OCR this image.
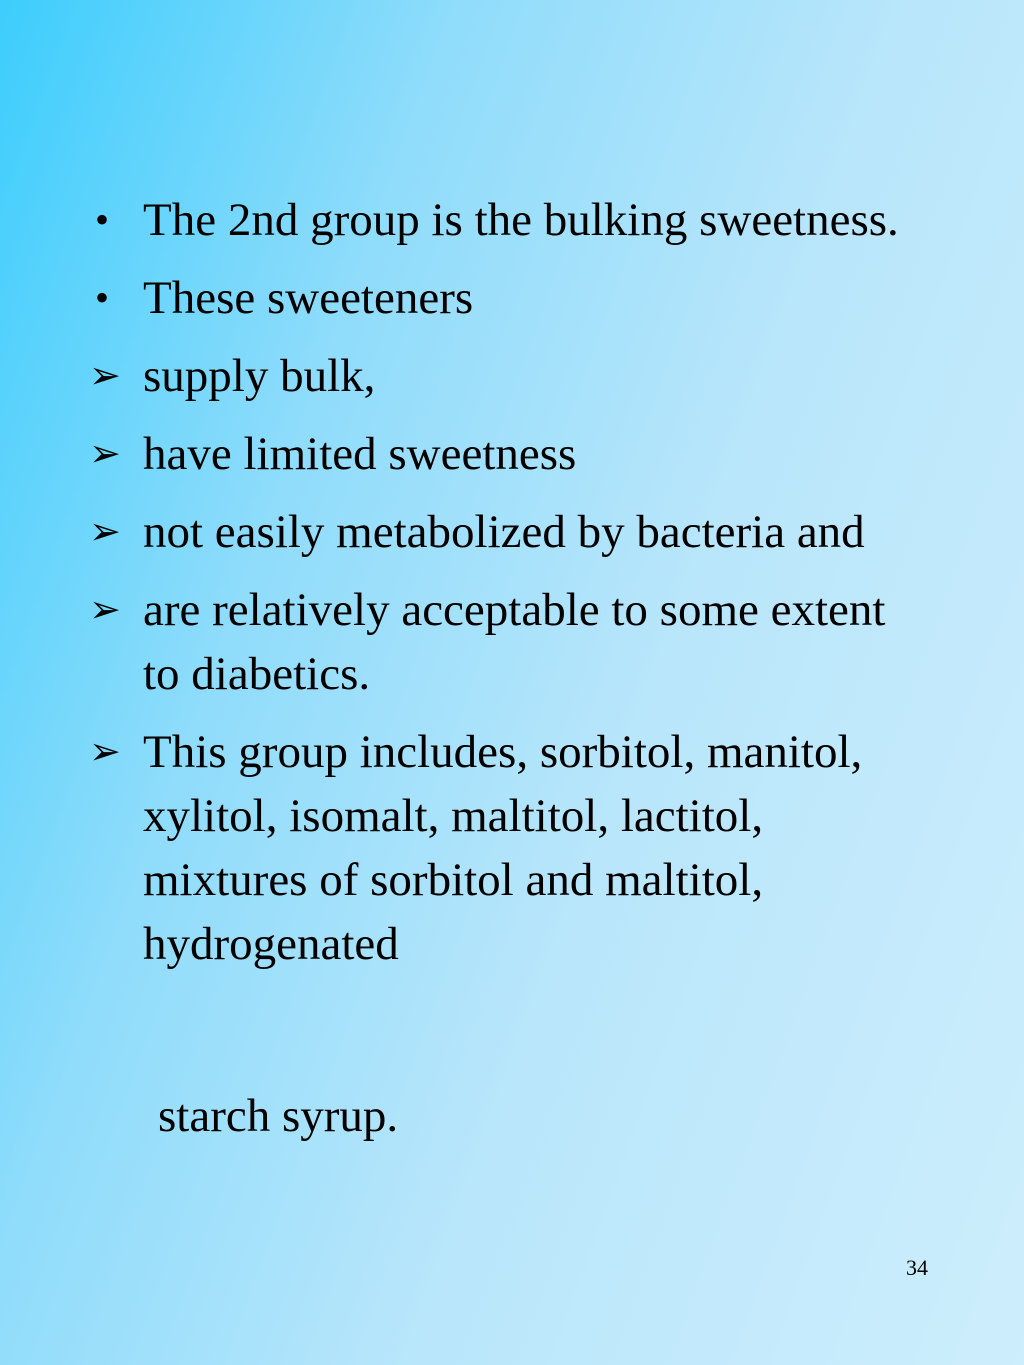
• The 2nd group is the bulking sweetness.
• These sweeteners
➢ supply bulk,
➢ have limited sweetness
➢ not easily metabolized by bacteria and
➢ are relatively acceptable to some extent to diabetics.
➢ This group includes, sorbitol, manitol, xylitol, isomalt, maltitol, lactitol, mixtures of sorbitol and maltitol, hydrogenated
starch syrup.
34
